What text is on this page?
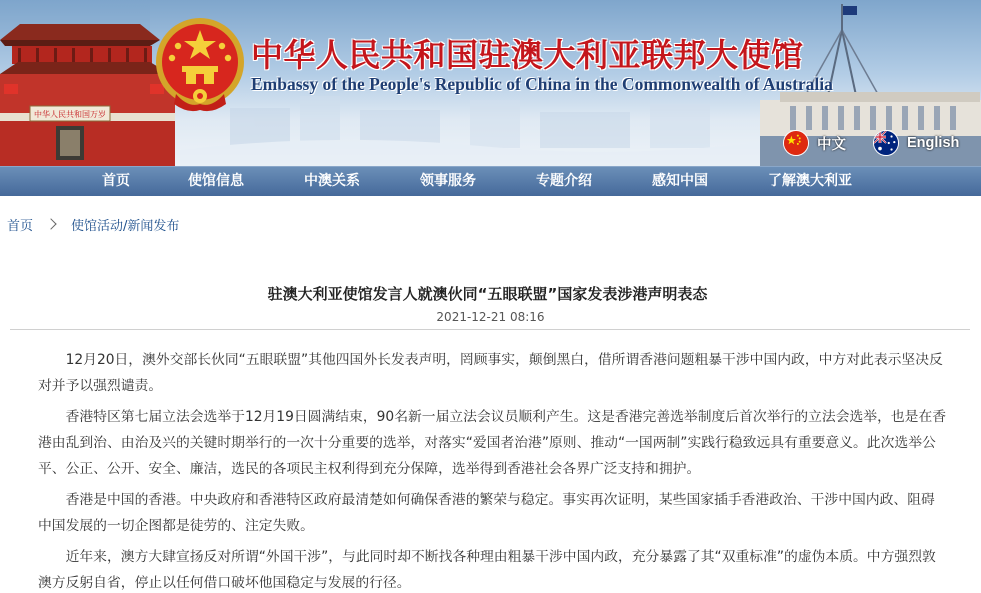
中华人民共和国万岁
中华人民共和国驻澳大利亚联邦大使馆
Embassy of the People's Republic of China in the Commonwealth of Australia
中文	English
首页	使馆信息	中澳关系	领事服务	专题介绍	感知中国	了解澳大利亚
首页	使馆活动/新闻发布
驻澳大利亚使馆发言人就澳伙同“五眼联盟”国家发表涉港声明表态
2021-12-21 08:16

12月20日，澳外交部长伙同“五眼联盟”其他四国外长发表声明，罔顾事实，颠倒黑白，借所谓香港问题粗暴干涉中国内政，中方对此表示坚决反对并予以强烈谴责。

香港特区第七届立法会选举于12月19日圆满结束，90名新一届立法会议员顺利产生。这是香港完善选举制度后首次举行的立法会选举，也是在香港由乱到治、由治及兴的关键时期举行的一次十分重要的选举，对落实“爱国者治港”原则、推动“一国两制”实践行稳致远具有重要意义。此次选举公平、公正、公开、安全、廉洁，选民的各项民主权利得到充分保障，选举得到香港社会各界广泛支持和拥护。

香港是中国的香港。中央政府和香港特区政府最清楚如何确保香港的繁荣与稳定。事实再次证明，某些国家插手香港政治、干涉中国内政、阻碍中国发展的一切企图都是徒劳的、注定失败。

近年来，澳方大肆宣扬反对所谓“外国干涉”，与此同时却不断找各种理由粗暴干涉中国内政，充分暴露了其“双重标准”的虚伪本质。中方强烈敦澳方反躬自省，停止以任何借口破坏他国稳定与发展的行径。
